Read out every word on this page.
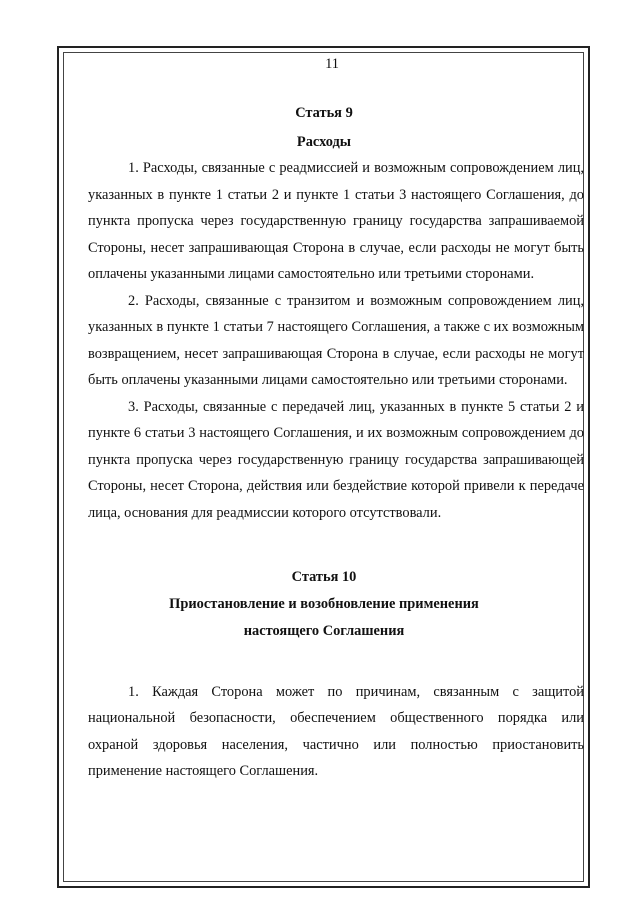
11

Статья 9

Расходы

1. Расходы, связанные с реадмиссией и возможным сопровождением лиц, указанных в пункте 1 статьи 2 и пункте 1 статьи 3 настоящего Соглашения, до пункта пропуска через государственную границу государства запрашиваемой Стороны, несет запрашивающая Сторона в случае, если расходы не могут быть оплачены указанными лицами самостоятельно или третьими сторонами.

2. Расходы, связанные с транзитом и возможным сопровождением лиц, указанных в пункте 1 статьи 7 настоящего Соглашения, а также с их возможным возвращением, несет запрашивающая Сторона в случае, если расходы не могут быть оплачены указанными лицами самостоятельно или третьими сторонами.

3. Расходы, связанные с передачей лиц, указанных в пункте 5 статьи 2 и пункте 6 статьи 3 настоящего Соглашения, и их возможным сопровождением до пункта пропуска через государственную границу государства запрашивающей Стороны, несет Сторона, действия или бездействие которой привели к передаче лица, основания для реадмиссии которого отсутствовали.

Статья 10

Приостановление и возобновление применения

настоящего Соглашения

1. Каждая Сторона может по причинам, связанным с защитой национальной безопасности, обеспечением общественного порядка или охраной здоровья населения, частично или полностью приостановить применение настоящего Соглашения.
